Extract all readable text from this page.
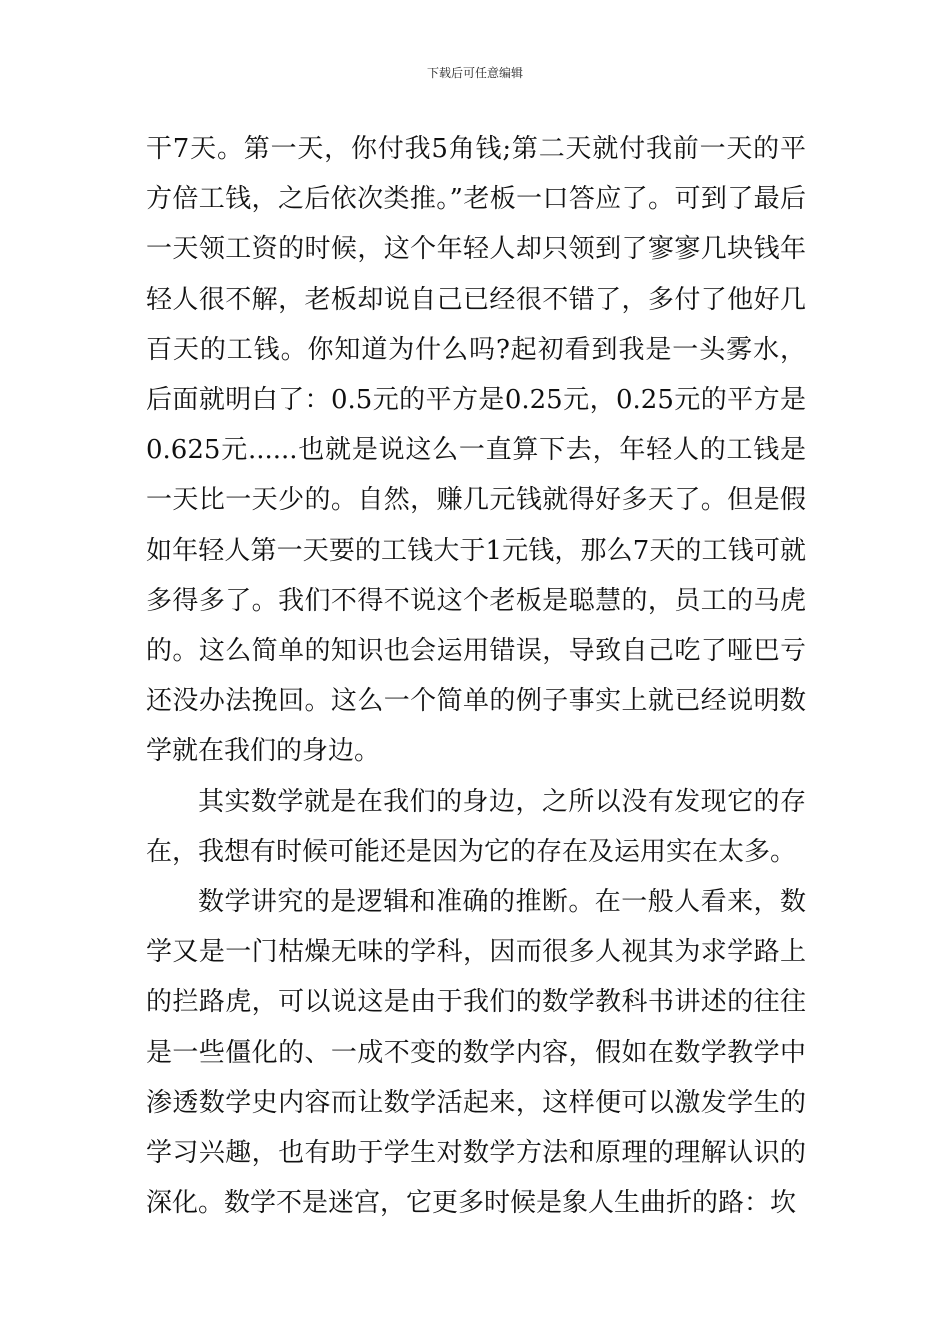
下载后可任意编辑

干7天。第一天，你付我5角钱;第二天就付我前一天的平方倍工钱，之后依次类推。”老板一口答应了。可到了最后一天领工资的时候，这个年轻人却只领到了寥寥几块钱年轻人很不解，老板却说自己已经很不错了，多付了他好几百天的工钱。你知道为什么吗?起初看到我是一头雾水，后面就明白了：0.5元的平方是0.25元，0.25元的平方是0.625元......也就是说这么一直算下去，年轻人的工钱是一天比一天少的。自然，赚几元钱就得好多天了。但是假如年轻人第一天要的工钱大于1元钱，那么7天的工钱可就多得多了。我们不得不说这个老板是聪慧的，员工的马虎的。这么简单的知识也会运用错误，导致自己吃了哑巴亏还没办法挽回。这么一个简单的例子事实上就已经说明数学就在我们的身边。

其实数学就是在我们的身边，之所以没有发现它的存在，我想有时候可能还是因为它的存在及运用实在太多。

数学讲究的是逻辑和准确的推断。在一般人看来，数学又是一门枯燥无味的学科，因而很多人视其为求学路上的拦路虎，可以说这是由于我们的数学教科书讲述的往往是一些僵化的、一成不变的数学内容，假如在数学教学中渗透数学史内容而让数学活起来，这样便可以激发学生的学习兴趣，也有助于学生对数学方法和原理的理解认识的深化。数学不是迷宫，它更多时候是象人生曲折的路：坎
